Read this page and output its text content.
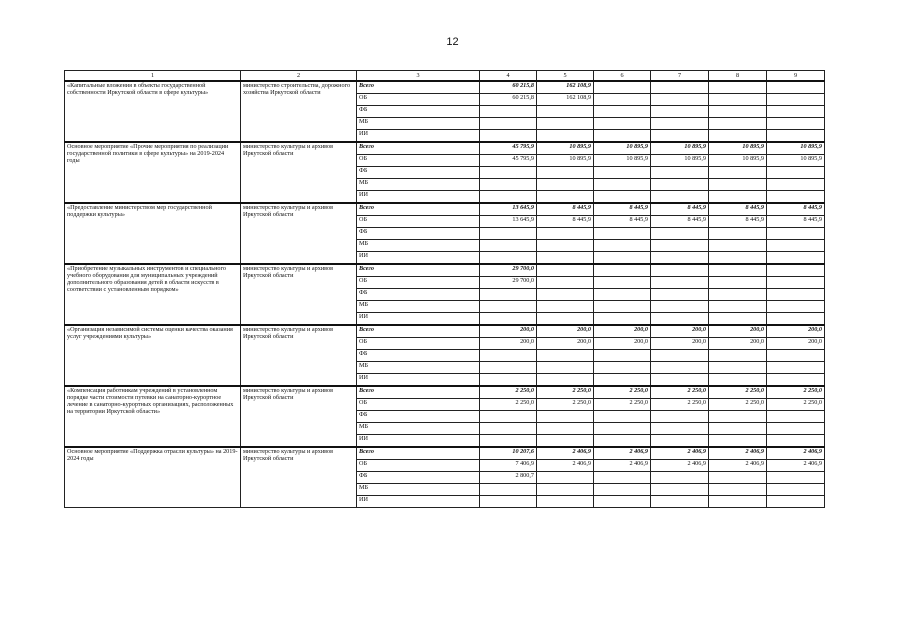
12
1	2	3	4	5	6	7	8	9
«Капитальные вложения в объекты государственной собственности Иркутской области в сфере культуры»	министерство строительства, дорожного хозяйства Иркутской области	Всего	60 215,8	162 108,9				
		ОБ	60 215,8	162 108,9				
		ФБ						
		МБ						
		ИИ						
Основное мероприятие «Прочие мероприятия по реализации государственной политики в сфере культуры» на 2019-2024 годы	министерство культуры и архивов Иркутской области	Всего	45 795,9	10 895,9	10 895,9	10 895,9	10 895,9	10 895,9
		ОБ	45 795,9	10 895,9	10 895,9	10 895,9	10 895,9	10 895,9
		ФБ						
		МБ						
		ИИ						
«Предоставление министерством мер государственной поддержки культуры»	министерство культуры и архивов Иркутской области	Всего	13 645,9	8 445,9	8 445,9	8 445,9	8 445,9	8 445,9
		ОБ	13 645,9	8 445,9	8 445,9	8 445,9	8 445,9	8 445,9
		ФБ						
		МБ						
		ИИ						
«Приобретение музыкальных инструментов и специального учебного оборудования для муниципальных учреждений дополнительного образования детей в области искусств в соответствии с установленным порядком»	министерство культуры и архивов Иркутской области	Всего	29 700,0					
		ОБ	29 700,0					
		ФБ						
		МБ						
		ИИ						
«Организация независимой системы оценки качества оказания услуг учреждениями культуры»	министерство культуры и архивов Иркутской области	Всего	200,0	200,0	200,0	200,0	200,0	200,0
		ОБ	200,0	200,0	200,0	200,0	200,0	200,0
		ФБ						
		МБ						
		ИИ						
«Компенсация работникам учреждений в установленном порядке части стоимости путевки на санаторно-курортное лечение в санаторно-курортных организациях, расположенных на территории Иркутской области»	министерство культуры и архивов Иркутской области	Всего	2 250,0	2 250,0	2 250,0	2 250,0	2 250,0	2 250,0
		ОБ	2 250,0	2 250,0	2 250,0	2 250,0	2 250,0	2 250,0
		ФБ						
		МБ						
		ИИ						
Основное мероприятие «Поддержка отрасли культуры» на 2019-2024 годы	министерство культуры и архивов Иркутской области	Всего	10 207,6	2 406,9	2 406,9	2 406,9	2 406,9	2 406,9
		ОБ	7 406,9	2 406,9	2 406,9	2 406,9	2 406,9	2 406,9
		ФБ	2 800,7					
		МБ						
		ИИ						
